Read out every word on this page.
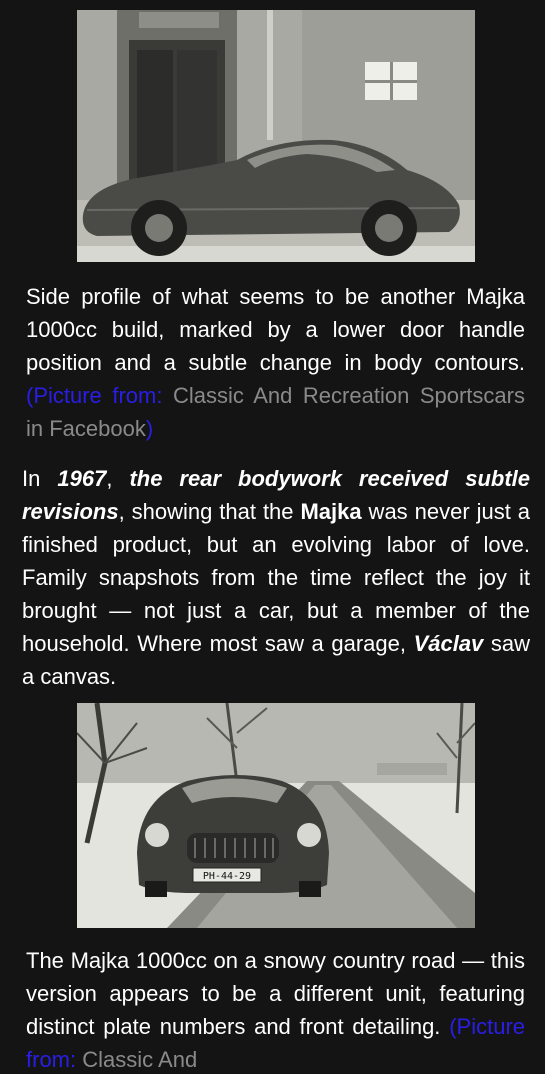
Side profile of what seems to be another Majka 1000cc build, marked by a lower door handle position and a subtle change in body contours. (Picture from: Classic And Recreation Sportscars in Facebook)

In 1967, the rear bodywork received subtle revisions, showing that the Majka was never just a finished product, but an evolving labor of love. Family snapshots from the time reflect the joy it brought — not just a car, but a member of the household. Where most saw a garage, Václav saw a canvas.

PH-44-29

The Majka 1000cc on a snowy country road — this version appears to be a different unit, featuring distinct plate numbers and front detailing. (Picture from: Classic And
